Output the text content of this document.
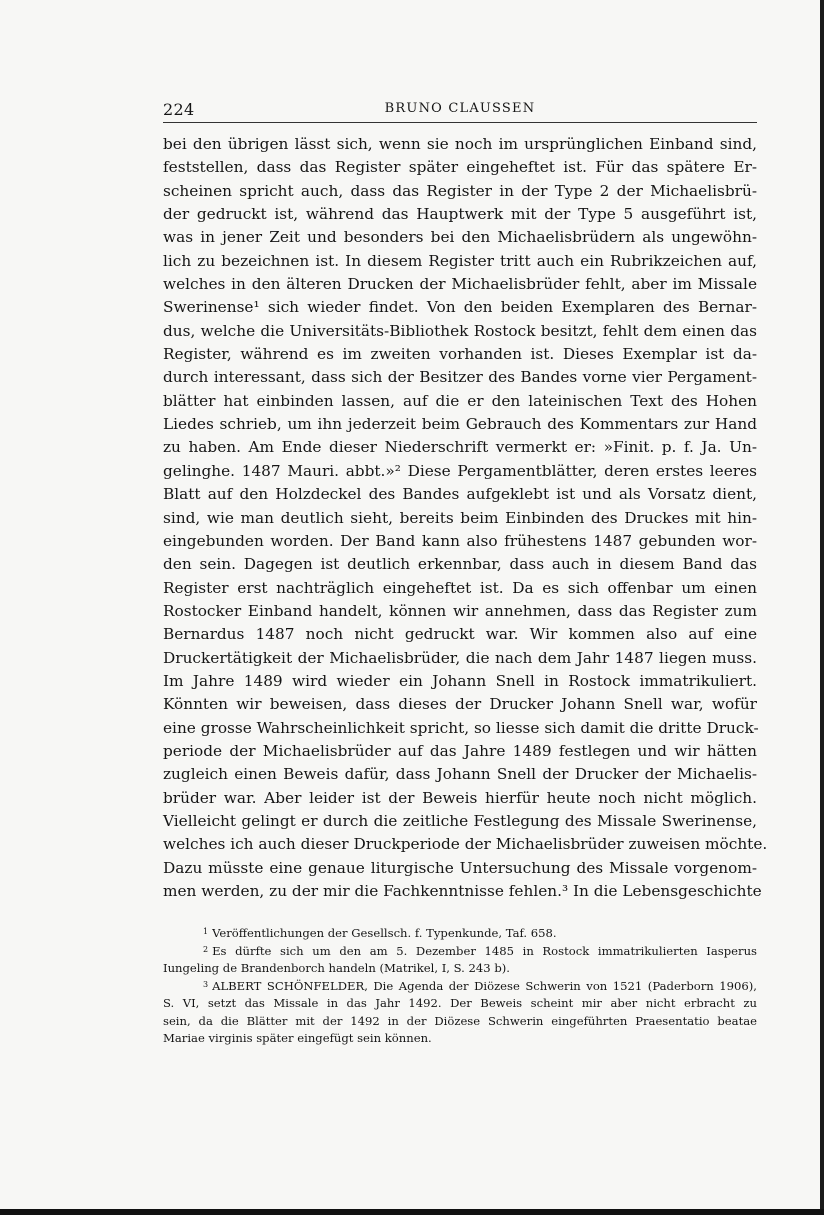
224	BRUNO CLAUSSEN
bei den übrigen lässt sich, wenn sie noch im ursprünglichen Einband sind,
feststellen, dass das Register später eingeheftet ist. Für das spätere Er-
scheinen spricht auch, dass das Register in der Type 2 der Michaelisbrü-
der gedruckt ist, während das Hauptwerk mit der Type 5 ausgeführt ist,
was in jener Zeit und besonders bei den Michaelisbrüdern als ungewöhn-
lich zu bezeichnen ist. In diesem Register tritt auch ein Rubrikzeichen auf,
welches in den älteren Drucken der Michaelisbrüder fehlt, aber im Missale
Swerinense¹ sich wieder findet. Von den beiden Exemplaren des Bernar-
dus, welche die Universitäts-Bibliothek Rostock besitzt, fehlt dem einen das
Register, während es im zweiten vorhanden ist. Dieses Exemplar ist da-
durch interessant, dass sich der Besitzer des Bandes vorne vier Pergament-
blätter hat einbinden lassen, auf die er den lateinischen Text des Hohen
Liedes schrieb, um ihn jederzeit beim Gebrauch des Kommentars zur Hand
zu haben. Am Ende dieser Niederschrift vermerkt er: »Finit. p. f. Ja. Un-
gelinghe. 1487 Mauri. abbt.»² Diese Pergamentblätter, deren erstes leeres
Blatt auf den Holzdeckel des Bandes aufgeklebt ist und als Vorsatz dient,
sind, wie man deutlich sieht, bereits beim Einbinden des Druckes mit hin-
eingebunden worden. Der Band kann also frühestens 1487 gebunden wor-
den sein. Dagegen ist deutlich erkennbar, dass auch in diesem Band das
Register erst nachträglich eingeheftet ist. Da es sich offenbar um einen
Rostocker Einband handelt, können wir annehmen, dass das Register zum
Bernardus 1487 noch nicht gedruckt war. Wir kommen also auf eine
Druckertätigkeit der Michaelisbrüder, die nach dem Jahr 1487 liegen muss.
Im Jahre 1489 wird wieder ein Johann Snell in Rostock immatrikuliert.
Könnten wir beweisen, dass dieses der Drucker Johann Snell war, wofür
eine grosse Wahrscheinlichkeit spricht, so liesse sich damit die dritte Druck-
periode der Michaelisbrüder auf das Jahre 1489 festlegen und wir hätten
zugleich einen Beweis dafür, dass Johann Snell der Drucker der Michaelis-
brüder war. Aber leider ist der Beweis hierfür heute noch nicht möglich.
Vielleicht gelingt er durch die zeitliche Festlegung des Missale Swerinense,
welches ich auch dieser Druckperiode der Michaelisbrüder zuweisen möchte.
Dazu müsste eine genaue liturgische Untersuchung des Missale vorgenom-
men werden, zu der mir die Fachkenntnisse fehlen.³ In die Lebensgeschichte
$^1$ Veröffentlichungen der Gesellsch. f. Typenkunde, Taf. 658.
$^2$ Es dürfte sich um den am 5. Dezember 1485 in Rostock immatrikulierten Iasperus
Iungeling de Brandenborch handeln (Matrikel, I, S. 243 b).
$^3$ ALBERT SCHÖNFELDER, Die Agenda der Diözese Schwerin von 1521 (Paderborn 1906),
S. VI, setzt das Missale in das Jahr 1492. Der Beweis scheint mir aber nicht erbracht zu
sein, da die Blätter mit der 1492 in der Diözese Schwerin eingeführten Praesentatio beatae
Mariae virginis später eingefügt sein können.
